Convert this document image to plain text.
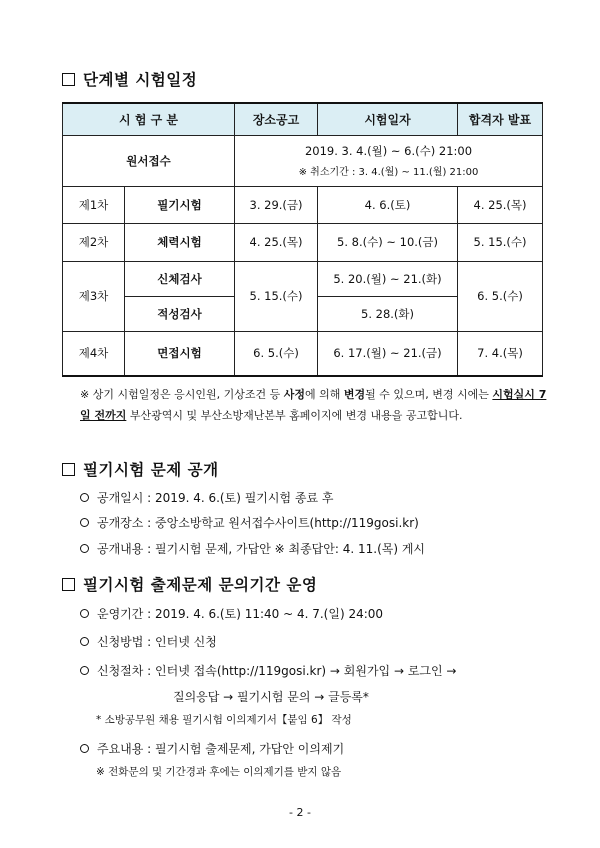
단계별 시험일정
시 험 구 분		장소공고	시험일자	합격자 발표
원서접수		2019. 3. 4.(월) ~ 6.(수) 21:00
※ 취소기간 : 3. 4.(월) ~ 11.(월) 21:00		

제1차	필기시험	3. 29.(금)	4. 6.(토)	4. 25.(목)
제2차	체력시험	4. 25.(목)	5. 8.(수) ~ 10.(금)	5. 15.(수)
제3차	신체검사	5. 15.(수)	5. 20.(월) ~ 21.(화)	6. 5.(수)
	적성검사		5. 28.(화)	
제4차	면접시험	6. 5.(수)	6. 17.(월) ~ 21.(금)	7. 4.(목)
※ 상기 시험일정은 응시인원, 기상조건 등 사정에 의해 변경될 수 있으며, 변경 시에는 시험실시 7일 전까지 부산광역시 및 부산소방재난본부 홈페이지에 변경 내용을 공고합니다.
필기시험 문제 공개
공개일시 : 2019. 4. 6.(토) 필기시험 종료 후
공개장소 : 중앙소방학교 원서접수사이트(http://119gosi.kr)
공개내용 : 필기시험 문제, 가답안 ※ 최종답안: 4. 11.(목) 게시
필기시험 출제문제 문의기간 운영
운영기간 : 2019. 4. 6.(토) 11:40 ~ 4. 7.(일) 24:00
신청방법 : 인터넷 신청
신청절차 : 인터넷 접속(http://119gosi.kr) → 회원가입 → 로그인 →
질의응답 → 필기시험 문의 → 글등록*
* 소방공무원 채용 필기시험 이의제기서【붙임 6】 작성
주요내용 : 필기시험 출제문제, 가답안 이의제기
※ 전화문의 및 기간경과 후에는 이의제기를 받지 않음
- 2 -
